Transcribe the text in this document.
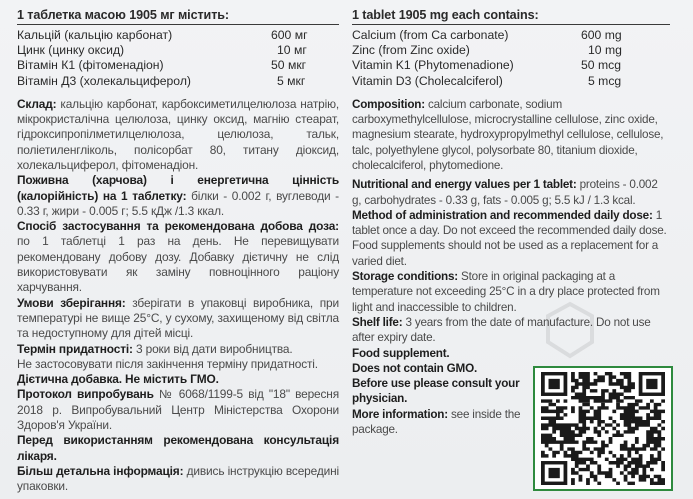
1 таблетка масою 1905 мг містить:
Кальцій (кальцію карбонат)	600 мг
Цинк (цинку оксид)	10 мг
Вітамін К1 (фітоменадіон)	50 мкг
Вітамін Д3 (холекальциферол)	5 мкг

Склад: кальцію карбонат, карбоксиметилцелюлоза натрію, мікрокристалічна целюлоза, цинку оксид, магнію стеарат, гідроксипропілметилцелюлоза, целюлоза, тальк, поліетиленгліколь, полісорбат 80, титану діоксид, холекальциферол, фітоменадіон.

Поживна (харчова) і енергетична цінність (калорійність) на 1 таблетку: білки - 0.002 г, вуглеводи - 0.33 г, жири - 0.005 г; 5.5 кДж /1.3 ккал.

Спосіб застосування та рекомендована добова доза: по 1 таблетці 1 раз на день. Не перевищувати рекомендовану добову дозу. Добавку дієтичну не слід використовувати як заміну повноцінного раціону харчування.

Умови зберігання: зберігати в упаковці виробника, при температурі не вище 25°C, у сухому, захищеному від світла та недоступному для дітей місці.

Термін придатності: 3 роки від дати виробництва.

Не застосовувати після закінчення терміну придатності.

Дієтична добавка. Не містить ГМО.

Протокол випробувань № 6068/1199-5 від "18" вересня 2018 р. Випробувальний Центр Міністерства Охорони Здоров'я України.

Перед використанням рекомендована консультація лікаря.

Більш детальна інформація: дивись інструкцію всередині упаковки.

1 tablet 1905 mg each contains:
Calcium (from Ca carbonate)	600 mg
Zinc (from Zinc oxide)	10 mg
Vitamin K1 (Phytomenadione)	50 mcg
Vitamin D3 (Cholecalciferol)	5 mcg

Composition: calcium carbonate, sodium carboxymethylcellulose, microcrystalline cellulose, zinc oxide, magnesium stearate, hydroxypropylmethyl cellulose, cellulose, talc, polyethylene glycol, polysorbate 80, titanium dioxide, cholecalciferol, phytomedione.

Nutritional and energy values per 1 tablet: proteins - 0.002 g, carbohydrates - 0.33 g, fats - 0.005 g; 5.5 kJ / 1.3 kcal.

Method of administration and recommended daily dose: 1 tablet once a day. Do not exceed the recommended daily dose. Food supplements should not be used as a replacement for a varied diet.

Storage conditions: Store in original packaging at a temperature not exceeding 25°C in a dry place protected from light and inaccessible to children.

Shelf life: 3 years from the date of manufacture. Do not use after expiry date.

Food supplement.

Does not contain GMO.

Before use please consult your physician.

More information: see inside the package.
